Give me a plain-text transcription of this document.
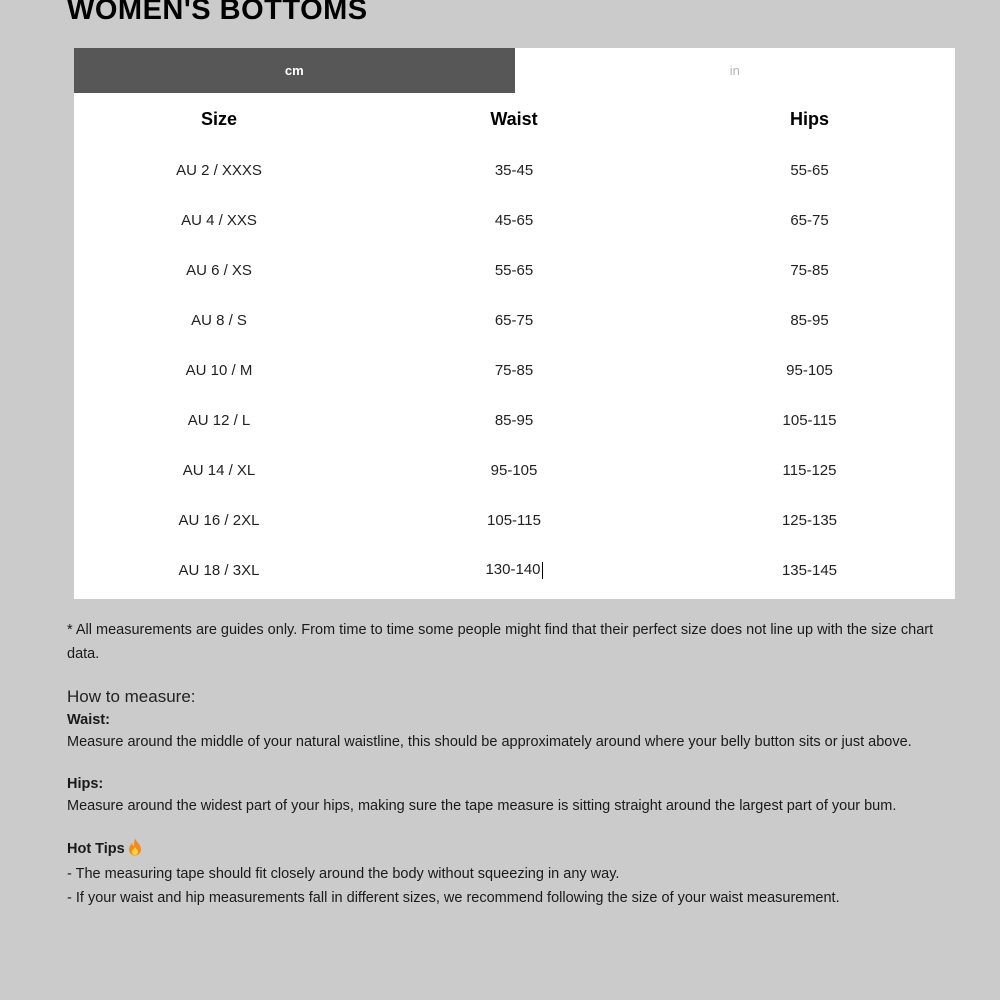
WOMEN'S BOTTOMS
cm	in
Size	Waist	Hips
AU 2 / XXXS	35-45	55-65
AU 4 / XXS	45-65	65-75
AU 6 / XS	55-65	75-85
AU 8 / S	65-75	85-95
AU 10 / M	75-85	95-105
AU 12 / L	85-95	105-115
AU 14 / XL	95-105	115-125
AU 16 / 2XL	105-115	125-135
AU 18 / 3XL	130-140	135-145

* All measurements are guides only. From time to time some people might find that their perfect size does not line up with the size chart data.

How to measure:

Waist:

Measure around the middle of your natural waistline, this should be approximately around where your belly button sits or just above.

Hips:

Measure around the widest part of your hips, making sure the tape measure is sitting straight around the largest part of your bum.

Hot Tips

- The measuring tape should fit closely around the body without squeezing in any way.

- If your waist and hip measurements fall in different sizes, we recommend following the size of your waist measurement.
